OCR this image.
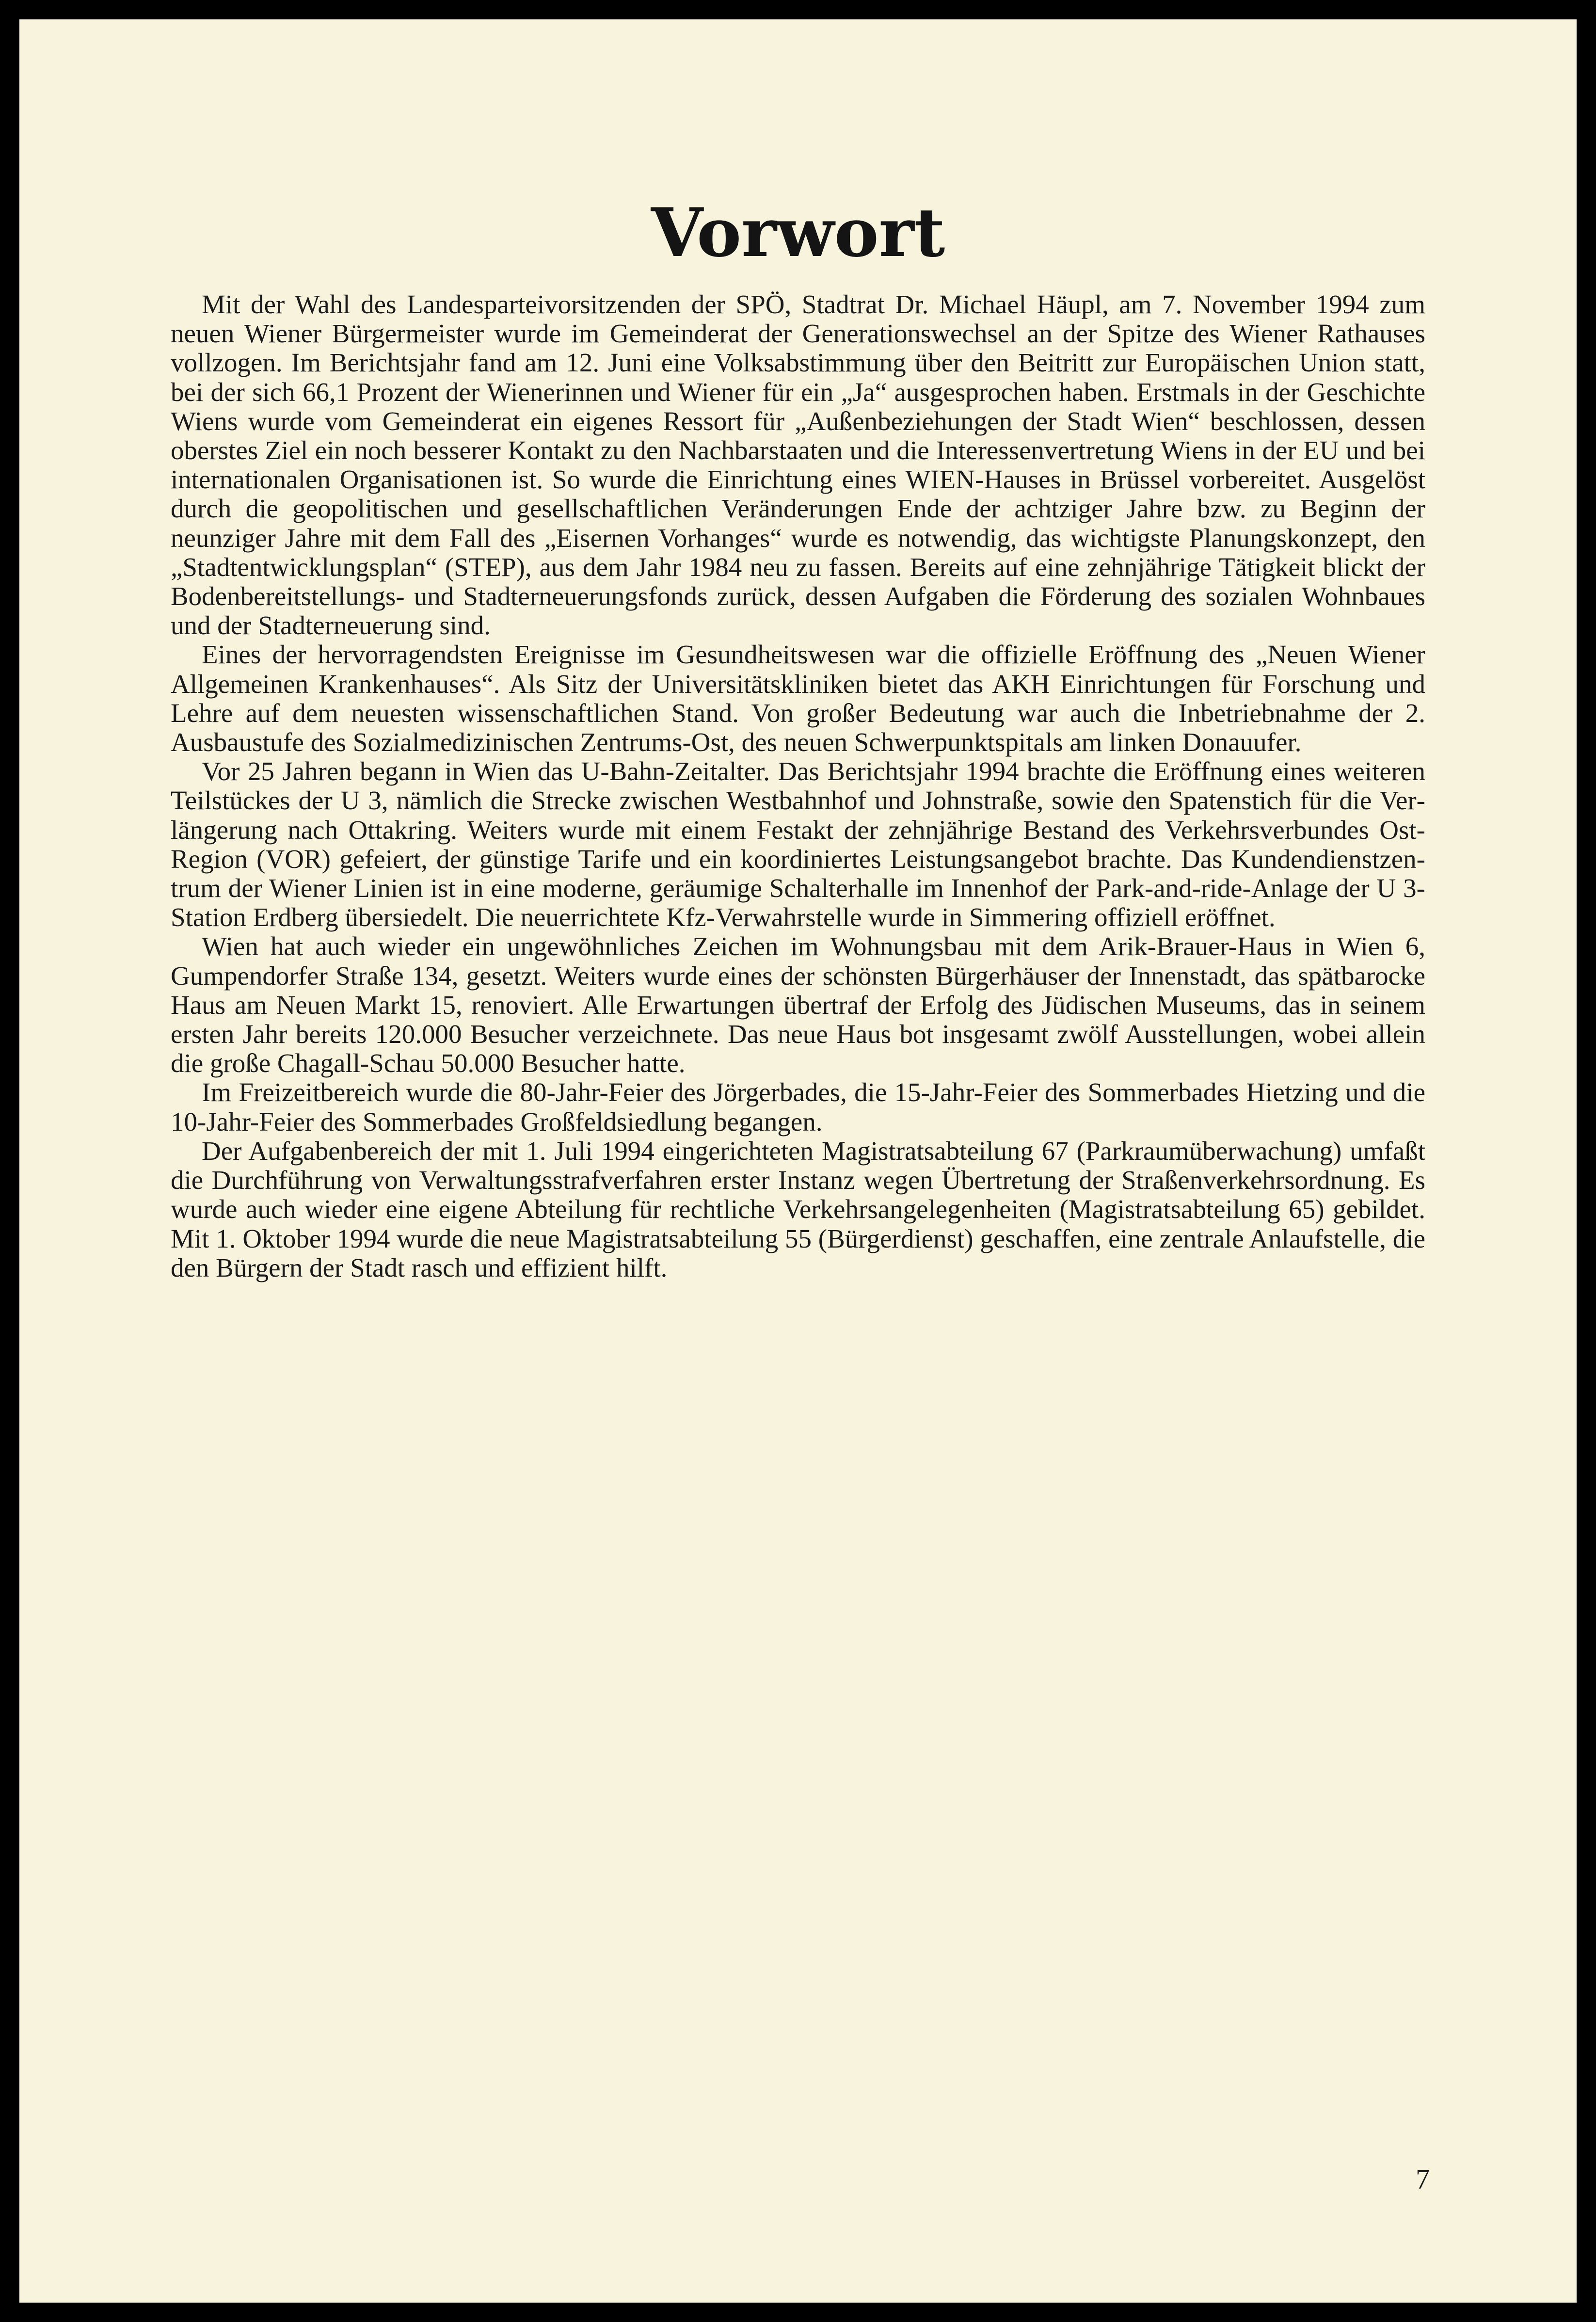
Vorwort

Mit der Wahl des Landesparteivorsitzenden der SPÖ, Stadtrat Dr. Michael Häupl, am 7. November 1994 zum neuen Wiener Bürgermeister wurde im Gemeinderat der Generationswechsel an der Spitze des Wiener Rathauses vollzogen. Im Berichtsjahr fand am 12. Juni eine Volksabstimmung über den Beitritt zur Europäischen Union statt, bei der sich 66,1 Prozent der Wienerinnen und Wiener für ein „Ja“ ausgesprochen haben. Erstmals in der Geschichte Wiens wurde vom Gemeinderat ein eigenes Ressort für „Außenbeziehungen der Stadt Wien“ beschlossen, dessen oberstes Ziel ein noch besserer Kontakt zu den Nachbarstaaten und die Interessenvertretung Wiens in der EU und bei internationalen Organisationen ist. So wurde die Einrichtung eines WIEN-Hauses in Brüssel vorbereitet. Ausgelöst durch die geopolitischen und gesellschaftlichen Veränderungen Ende der achtziger Jahre bzw. zu Beginn der neunziger Jahre mit dem Fall des „Eisernen Vorhanges“ wurde es notwendig, das wichtigste Planungskonzept, den „Stadtentwicklungsplan“ (STEP), aus dem Jahr 1984 neu zu fassen. Bereits auf eine zehnjährige Tätigkeit blickt der Bodenbereitstellungs- und Stadterneuerungsfonds zurück, dessen Aufgaben die Förderung des sozialen Wohnbaues und der Stadterneuerung sind.

Eines der hervorragendsten Ereignisse im Gesundheitswesen war die offizielle Eröffnung des „Neuen Wiener Allgemeinen Krankenhauses“. Als Sitz der Universitätskliniken bietet das AKH Einrichtungen für Forschung und Lehre auf dem neuesten wissenschaftlichen Stand. Von großer Bedeutung war auch die Inbetriebnahme der 2. Ausbaustufe des Sozialmedizinischen Zentrums-Ost, des neuen Schwerpunktspitals am linken Donauufer.

Vor 25 Jahren begann in Wien das U-Bahn-Zeitalter. Das Berichtsjahr 1994 brachte die Eröffnung eines weiteren Teilstückes der U 3, nämlich die Strecke zwischen Westbahnhof und Johnstraße, sowie den Spatenstich für die Verlängerung nach Ottakring. Weiters wurde mit einem Festakt der zehnjährige Bestand des Verkehrsverbundes Ost-Region (VOR) gefeiert, der günstige Tarife und ein koordiniertes Leistungsangebot brachte. Das Kundendienstzentrum der Wiener Linien ist in eine moderne, geräumige Schalterhalle im Innenhof der Park-and-ride-Anlage der U 3-Station Erdberg übersiedelt. Die neuerrichtete Kfz-Verwahrstelle wurde in Simmering offiziell eröffnet.

Wien hat auch wieder ein ungewöhnliches Zeichen im Wohnungsbau mit dem Arik-Brauer-Haus in Wien 6, Gumpendorfer Straße 134, gesetzt. Weiters wurde eines der schönsten Bürgerhäuser der Innenstadt, das spätbarocke Haus am Neuen Markt 15, renoviert. Alle Erwartungen übertraf der Erfolg des Jüdischen Museums, das in seinem ersten Jahr bereits 120.000 Besucher verzeichnete. Das neue Haus bot insgesamt zwölf Ausstellungen, wobei allein die große Chagall-Schau 50.000 Besucher hatte.

Im Freizeitbereich wurde die 80-Jahr-Feier des Jörgerbades, die 15-Jahr-Feier des Sommerbades Hietzing und die 10-Jahr-Feier des Sommerbades Großfeldsiedlung begangen.

Der Aufgabenbereich der mit 1. Juli 1994 eingerichteten Magistratsabteilung 67 (Parkraumüberwachung) umfaßt die Durchführung von Verwaltungsstrafverfahren erster Instanz wegen Übertretung der Straßenverkehrsordnung. Es wurde auch wieder eine eigene Abteilung für rechtliche Verkehrsangelegenheiten (Magistratsabteilung 65) gebildet. Mit 1. Oktober 1994 wurde die neue Magistratsabteilung 55 (Bürgerdienst) geschaffen, eine zentrale Anlaufstelle, die den Bürgern der Stadt rasch und effizient hilft.

7
